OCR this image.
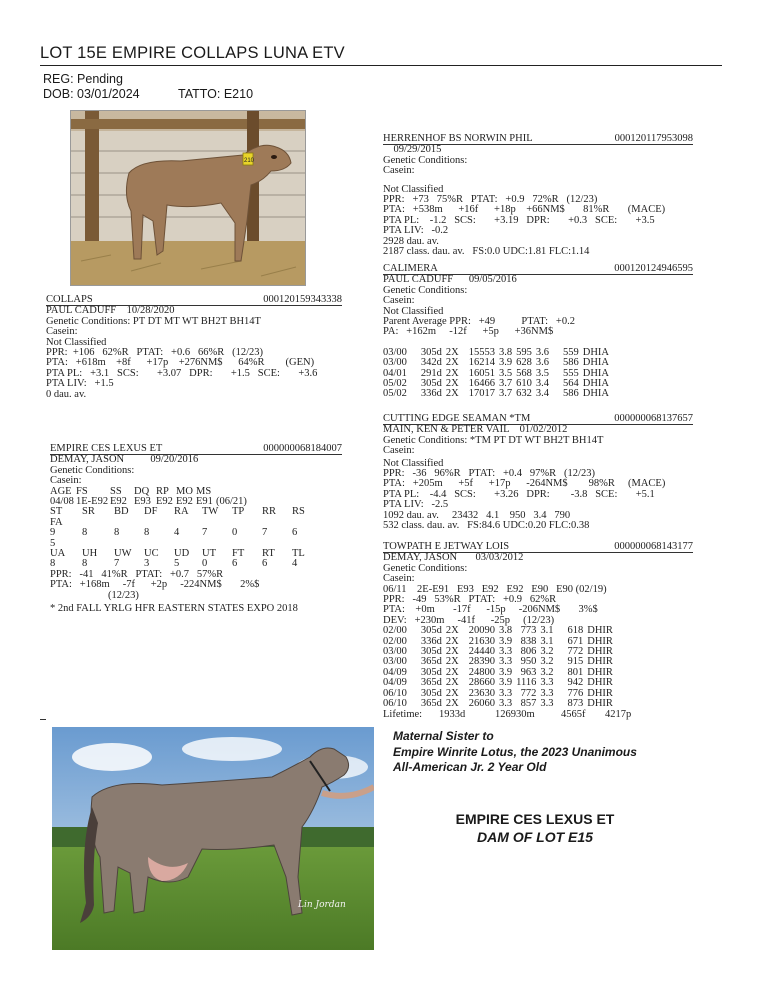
LOT 15E EMPIRE COLLAPS LUNA ETV
REG: Pending
DOB: 03/01/2024	TATTO: E210
210
COLLAPS	000120159343338
PAUL CADUFF    10/28/2020
Genetic Conditions: PT DT MT WT BH2T BH14T
Casein:
Not Classified
PPR:  +106   62%R   PTAT:   +0.6   66%R   (12/23)
PTA:   +618m    +8f      +17p    +276NM$      64%R        (GEN)
PTA PL:   +3.1   SCS:       +3.07   DPR:       +1.5   SCE:       +3.6
PTA LIV:   +1.5
0 dau. av.
EMPIRE CES LEXUS ET	000000068184007
DEMAY, JASON          09/20/2016
Genetic Conditions:
Casein:
AGE FS	SS	DQ RP MO MS
04/08 1E-E92 E92 E93 E92 E92 E91 (06/21)
ST	SR	BD	DF	RA	TW	TP	RR	RS
FA
9	8	8	8	4	7	0	7	6
5
UA	UH	UW	UC	UD	UT	FT	RT	TL
8	8	7	3	5	0	6	6	4
PPR:   -41   41%R   PTAT:   +0.7   57%R
PTA:   +168m     -7f      +2p     -224NM$       2%$
(12/23)
* 2nd FALL YRLG HFR EASTERN STATES EXPO 2018
HERRENHOF BS NORWIN PHIL	000120117953098
09/29/2015
Genetic Conditions:
Casein:
Not Classified
PPR:   +73   75%R   PTAT:   +0.9   72%R   (12/23)
PTA:   +538m      +16f      +18p    +66NM$       81%R       (MACE)
PTA PL:    -1.2   SCS:       +3.19   DPR:       +0.3   SCE:       +3.5
PTA LIV:   -0.2
2928 dau. av.
2187 class. dau. av.   FS:0.0 UDC:1.81 FLC:1.14
CALIMERA	000120124946595
PAUL CADUFF      09/05/2016
Genetic Conditions:
Casein:
Not Classified
Parent Average PPR:   +49          PTAT:   +0.2
PA:   +162m     -12f      +5p      +36NM$
03/00	305d	2X	15553	3.8	595	3.6	559	DHIA
03/00	342d	2X	16214	3.9	628	3.6	586	DHIA
04/01	291d	2X	16051	3.5	568	3.5	555	DHIA
05/02	305d	2X	16466	3.7	610	3.4	564	DHIA
05/02	336d	2X	17017	3.7	632	3.4	586	DHIA
CUTTING EDGE SEAMAN *TM	000000068137657
MAIN, KEN & PETER VAIL    01/02/2012
Genetic Conditions: *TM PT DT WT BH2T BH14T
Casein:
Not Classified
PPR:   -36   96%R   PTAT:   +0.4   97%R   (12/23)
PTA:   +205m      +5f      +17p      -264NM$        98%R     (MACE)
PTA PL:    -4.4   SCS:       +3.26   DPR:        -3.8   SCE:       +5.1
PTA LIV:   -2.5
1092 dau. av.     23432   4.1    950   3.4   790
532 class. dau. av.   FS:84.6 UDC:0.20 FLC:0.38
TOWPATH E JETWAY LOIS	000000068143177
DEMAY, JASON       03/03/2012
Genetic Conditions:
Casein:
06/11    2E-E91   E93   E92   E92   E90   E90 (02/19)
PPR:   -49   53%R   PTAT:   +0.9   62%R
PTA:    +0m       -17f      -15p     -206NM$       3%$
DEV:   +230m     -41f      -25p     (12/23)
02/00	305d	2X	20090	3.8	773	3.1	618	DHIR
02/00	336d	2X	21630	3.9	838	3.1	671	DHIR
03/00	305d	2X	24440	3.3	806	3.2	772	DHIR
03/00	365d	2X	28390	3.3	950	3.2	915	DHIR
04/09	305d	2X	24800	3.9	963	3.2	801	DHIR
04/09	365d	2X	28660	3.9	1116	3.3	942	DHIR
06/10	305d	2X	23630	3.3	772	3.3	776	DHIR
06/10	365d	2X	26060	3.3	857	3.3	873	DHIR
Lifetime:	1933d	126930m	4565f	4217p
Lin Jordan
Maternal Sister to
Empire Winrite Lotus, the 2023 Unanimous
All-American Jr. 2 Year Old
EMPIRE CES LEXUS ET
DAM OF LOT E15
